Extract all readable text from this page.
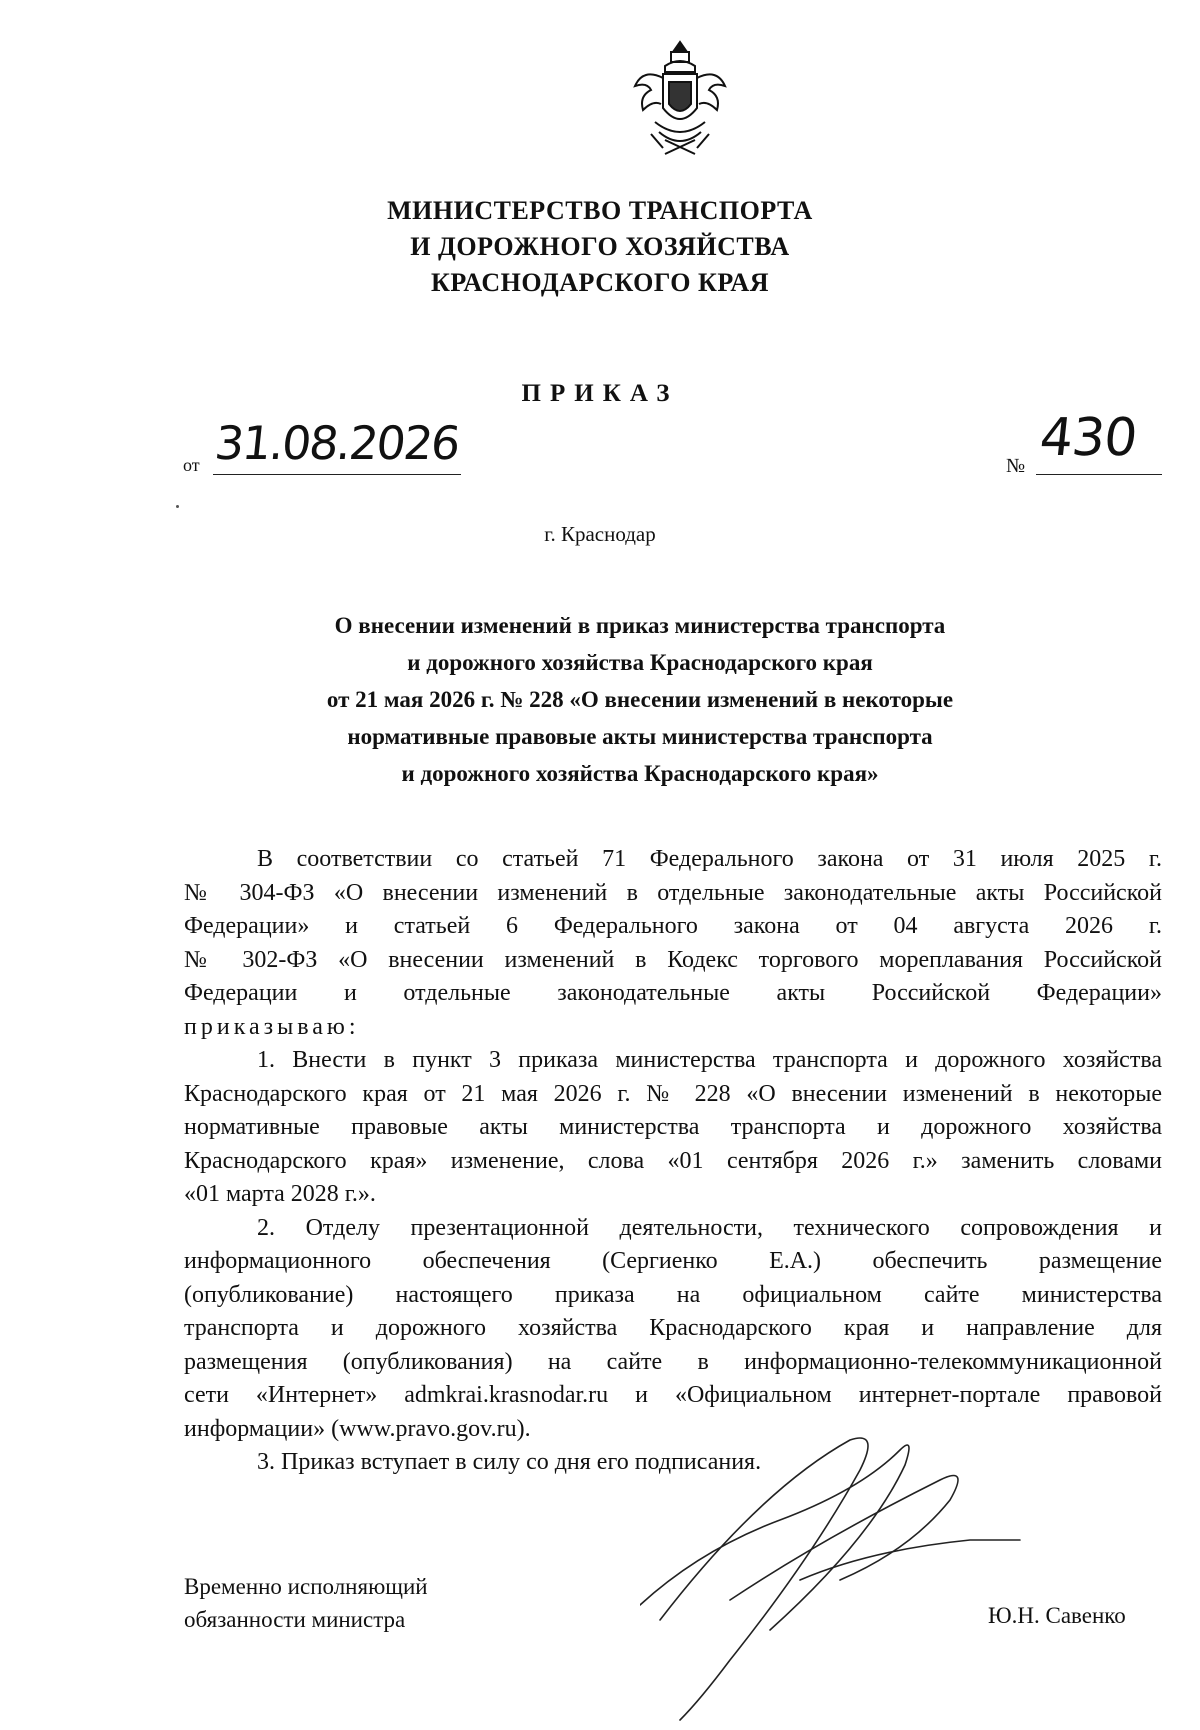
МИНИСТЕРСТВО ТРАНСПОРТА
И ДОРОЖНОГО ХОЗЯЙСТВА
КРАСНОДАРСКОГО КРАЯ
ПРИКАЗ
от 31.08.2026	№ 430
г. Краснодар
О внесении изменений в приказ министерства транспорта
и дорожного хозяйства Краснодарского края
от 21 мая 2026 г. № 228 «О внесении изменений в некоторые
нормативные правовые акты министерства транспорта
и дорожного хозяйства Краснодарского края»
В соответствии со статьей 71 Федерального закона от 31 июля 2025 г.
№ 304-ФЗ «О внесении изменений в отдельные законодательные акты Российской
Федерации» и статьей 6 Федерального закона от 04 августа 2026 г.
№ 302-ФЗ «О внесении изменений в Кодекс торгового мореплавания Российской
Федерации и отдельные законодательные акты Российской Федерации»
приказываю:
1. Внести в пункт 3 приказа министерства транспорта и дорожного хозяйства
Краснодарского края от 21 мая 2026 г. № 228 «О внесении изменений в некоторые
нормативные правовые акты министерства транспорта и дорожного хозяйства
Краснодарского края» изменение, слова «01 сентября 2026 г.» заменить словами
«01 марта 2028 г.».
2. Отделу презентационной деятельности, технического сопровождения и
информационного обеспечения (Сергиенко Е.А.) обеспечить размещение
(опубликование) настоящего приказа на официальном сайте министерства
транспорта и дорожного хозяйства Краснодарского края и направление для
размещения (опубликования) на сайте в информационно-телекоммуникационной
сети «Интернет» admkrai.krasnodar.ru и «Официальном интернет-портале правовой
информации» (www.pravo.gov.ru).
3. Приказ вступает в силу со дня его подписания.
Временно исполняющий
обязанности министра	Ю.Н. Савенко
